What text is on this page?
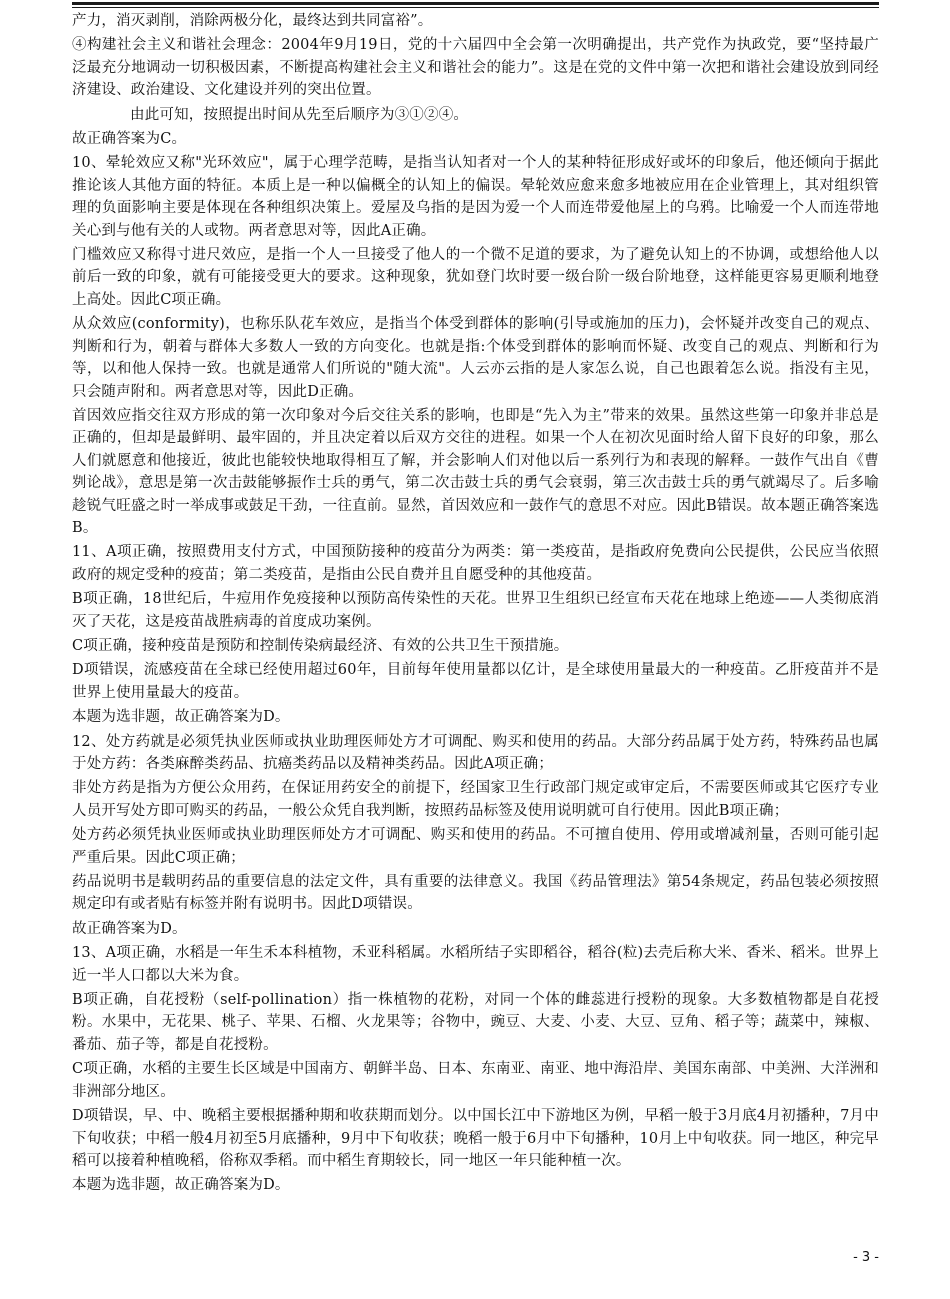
产力，消灭剥削，消除两极分化，最终达到共同富裕”。

④构建社会主义和谐社会理念：2004年9月19日，党的十六届四中全会第一次明确提出，共产党作为执政党，要“坚持最广泛最充分地调动一切积极因素，不断提高构建社会主义和谐社会的能力”。这是在党的文件中第一次把和谐社会建设放到同经济建设、政治建设、文化建设并列的突出位置。

由此可知，按照提出时间从先至后顺序为③①②④。

故正确答案为C。

10、晕轮效应又称"光环效应"，属于心理学范畴，是指当认知者对一个人的某种特征形成好或坏的印象后，他还倾向于据此推论该人其他方面的特征。本质上是一种以偏概全的认知上的偏误。晕轮效应愈来愈多地被应用在企业管理上，其对组织管理的负面影响主要是体现在各种组织决策上。爱屋及乌指的是因为爱一个人而连带爱他屋上的乌鸦。比喻爱一个人而连带地关心到与他有关的人或物。两者意思对等，因此A正确。

门槛效应又称得寸进尺效应，是指一个人一旦接受了他人的一个微不足道的要求，为了避免认知上的不协调，或想给他人以前后一致的印象，就有可能接受更大的要求。这种现象，犹如登门坎时要一级台阶一级台阶地登，这样能更容易更顺利地登上高处。因此C项正确。

从众效应(conformity)，也称乐队花车效应，是指当个体受到群体的影响(引导或施加的压力)，会怀疑并改变自己的观点、判断和行为，朝着与群体大多数人一致的方向变化。也就是指:个体受到群体的影响而怀疑、改变自己的观点、判断和行为等，以和他人保持一致。也就是通常人们所说的"随大流"。人云亦云指的是人家怎么说，自己也跟着怎么说。指没有主见，只会随声附和。两者意思对等，因此D正确。

首因效应指交往双方形成的第一次印象对今后交往关系的影响，也即是“先入为主”带来的效果。虽然这些第一印象并非总是正确的，但却是最鲜明、最牢固的，并且决定着以后双方交往的进程。如果一个人在初次见面时给人留下良好的印象，那么人们就愿意和他接近，彼此也能较快地取得相互了解，并会影响人们对他以后一系列行为和表现的解释。一鼓作气出自《曹刿论战》，意思是第一次击鼓能够振作士兵的勇气，第二次击鼓士兵的勇气会衰弱，第三次击鼓士兵的勇气就竭尽了。后多喻趁锐气旺盛之时一举成事或鼓足干劲，一往直前。显然，首因效应和一鼓作气的意思不对应。因此B错误。故本题正确答案选B。

11、A项正确，按照费用支付方式，中国预防接种的疫苗分为两类：第一类疫苗，是指政府免费向公民提供，公民应当依照政府的规定受种的疫苗；第二类疫苗，是指由公民自费并且自愿受种的其他疫苗。

B项正确，18世纪后，牛痘用作免疫接种以预防高传染性的天花。世界卫生组织已经宣布天花在地球上绝迹——人类彻底消灭了天花，这是疫苗战胜病毒的首度成功案例。

C项正确，接种疫苗是预防和控制传染病最经济、有效的公共卫生干预措施。

D项错误，流感疫苗在全球已经使用超过60年，目前每年使用量都以亿计，是全球使用量最大的一种疫苗。乙肝疫苗并不是世界上使用量最大的疫苗。

本题为选非题，故正确答案为D。

12、处方药就是必须凭执业医师或执业助理医师处方才可调配、购买和使用的药品。大部分药品属于处方药，特殊药品也属于处方药：各类麻醉类药品、抗癌类药品以及精神类药品。因此A项正确；

非处方药是指为方便公众用药，在保证用药安全的前提下，经国家卫生行政部门规定或审定后，不需要医师或其它医疗专业人员开写处方即可购买的药品，一般公众凭自我判断，按照药品标签及使用说明就可自行使用。因此B项正确；

处方药必须凭执业医师或执业助理医师处方才可调配、购买和使用的药品。不可擅自使用、停用或增减剂量，否则可能引起严重后果。因此C项正确；

药品说明书是载明药品的重要信息的法定文件，具有重要的法律意义。我国《药品管理法》第54条规定，药品包装必须按照规定印有或者贴有标签并附有说明书。因此D项错误。

故正确答案为D。

13、A项正确，水稻是一年生禾本科植物，禾亚科稻属。水稻所结子实即稻谷，稻谷(粒)去壳后称大米、香米、稻米。世界上近一半人口都以大米为食。

B项正确，自花授粉（self-pollination）指一株植物的花粉，对同一个体的雌蕊进行授粉的现象。大多数植物都是自花授粉。水果中，无花果、桃子、苹果、石榴、火龙果等；谷物中，豌豆、大麦、小麦、大豆、豆角、稻子等；蔬菜中，辣椒、番茄、茄子等，都是自花授粉。

C项正确，水稻的主要生长区域是中国南方、朝鲜半岛、日本、东南亚、南亚、地中海沿岸、美国东南部、中美洲、大洋洲和非洲部分地区。

D项错误，早、中、晚稻主要根据播种期和收获期而划分。以中国长江中下游地区为例，早稻一般于3月底4月初播种，7月中下旬收获；中稻一般4月初至5月底播种，9月中下旬收获；晚稻一般于6月中下旬播种，10月上中旬收获。同一地区，种完早稻可以接着种植晚稻，俗称双季稻。而中稻生育期较长，同一地区一年只能种植一次。

本题为选非题，故正确答案为D。

- 3 -
